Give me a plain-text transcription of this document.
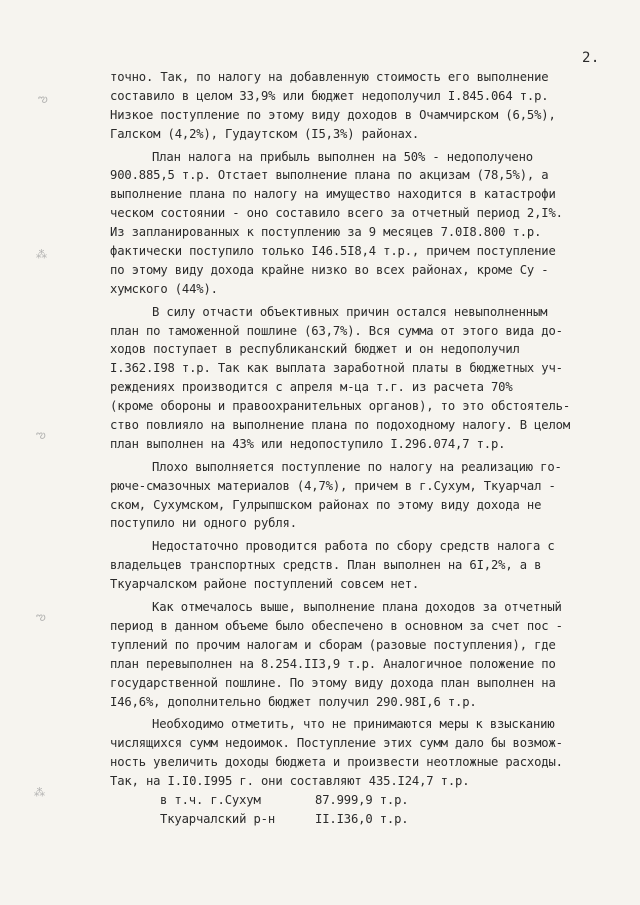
2.
ఌ
⁂
ఌ
ఌ
⁂
точно. Так, по налогу на добавленную стоимость его выполнение
составило в целом 33,9% или бюджет недополучил I.845.064 т.р.
Низкое поступление по этому виду доходов в Очамчирском (6,5%),
Галском (4,2%), Гудаутском (I5,3%) районах.
План налога на прибыль выполнен на 50% - недополучено
900.885,5 т.р. Отстает выполнение плана по акцизам (78,5%), а
выполнение плана по налогу на имущество находится в катастрофи
ческом состоянии - оно составило всего за отчетный период 2,I%.
Из запланированных к поступлению за 9 месяцев 7.0I8.800 т.р.
фактически поступило только I46.5I8,4 т.р., причем поступление
по этому виду дохода крайне низко во всех районах, кроме Су -
хумского (44%).
В силу отчасти объективных причин остался невыполненным
план по таможенной пошлине (63,7%). Вся сумма от этого вида до-
ходов поступает в республиканский бюджет и он недополучил
I.362.I98 т.р. Так как выплата заработной платы в бюджетных уч-
реждениях производится с апреля м-ца т.г. из расчета 70%
(кроме обороны и правоохранительных органов), то это обстоятель-
ство повлияло на выполнение плана по подоходному налогу. В целом
план выполнен на 43% или недопоступило I.296.074,7 т.р.
Плохо выполняется поступление по налогу на реализацию го-
рюче-смазочных материалов (4,7%), причем в г.Сухум, Ткуарчал -
ском, Сухумском, Гулрыпшском районах по этому виду дохода не
поступило ни одного рубля.
Недостаточно проводится работа по сбору средств налога с
владельцев транспортных средств. План выполнен на 6I,2%, а в
Ткуарчалском районе поступлений совсем нет.
Как отмечалось выше, выполнение плана доходов за отчетный
период в данном объеме было обеспечено в основном за счет пос -
туплений по прочим налогам и сборам (разовые поступления), где
план перевыполнен на 8.254.II3,9 т.р. Аналогичное положение по
государственной пошлине. По этому виду дохода план выполнен на
I46,6%, дополнительно бюджет получил 290.98I,6 т.р.
Необходимо отметить, что не принимаются меры к взысканию
числящихся сумм недоимок. Поступление этих сумм дало бы возмож-
ность увеличить доходы бюджета и произвести неотложные расходы.
Так, на I.I0.I995 г. они составляют 435.I24,7 т.р.
в т.ч. г.Сухум	87.999,9 т.р.
Ткуарчалский р-н	II.I36,0 т.р.
